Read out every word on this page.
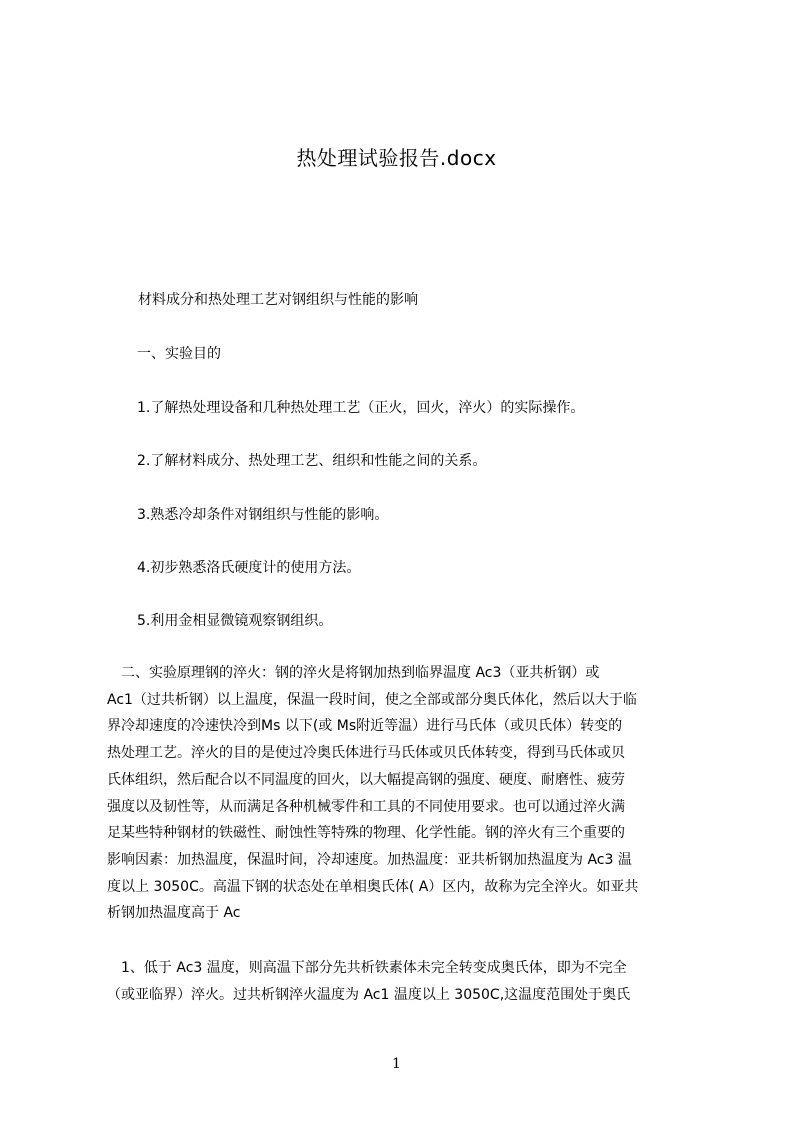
热处理试验报告.docx
材料成分和热处理工艺对钢组织与性能的影响
一、实验目的
1.了解热处理设备和几种热处理工艺（正火，回火，淬火）的实际操作。
2.了解材料成分、热处理工艺、组织和性能之间的关系。
3.熟悉冷却条件对钢组织与性能的影响。
4.初步熟悉洛氏硬度计的使用方法。
5.利用金相显微镜观察钢组织。
　二、实验原理钢的淬火：钢的淬火是将钢加热到临界温度 Ac3（亚共析钢）或
Ac1（过共析钢）以上温度，保温一段时间，使之全部或部分奥氏体化，然后以大于临
界冷却速度的冷速快冷到Ms 以下(或 Ms附近等温）进行马氏体（或贝氏体）转变的
热处理工艺。淬火的目的是使过冷奥氏体进行马氏体或贝氏体转变，得到马氏体或贝
氏体组织，然后配合以不同温度的回火，以大幅提高钢的强度、硬度、耐磨性、疲劳
强度以及韧性等，从而满足各种机械零件和工具的不同使用要求。也可以通过淬火满
足某些特种钢材的铁磁性、耐蚀性等特殊的物理、化学性能。钢的淬火有三个重要的
影响因素：加热温度，保温时间，冷却速度。加热温度：亚共析钢加热温度为 Ac3 温
度以上 3050C。高温下钢的状态处在单相奥氏体( A）区内，故称为完全淬火。如亚共
析钢加热温度高于 Ac
　1、低于 Ac3 温度，则高温下部分先共析铁素体未完全转变成奥氏体，即为不完全
（或亚临界）淬火。过共析钢淬火温度为 Ac1 温度以上 3050C,这温度范围处于奥氏
1
